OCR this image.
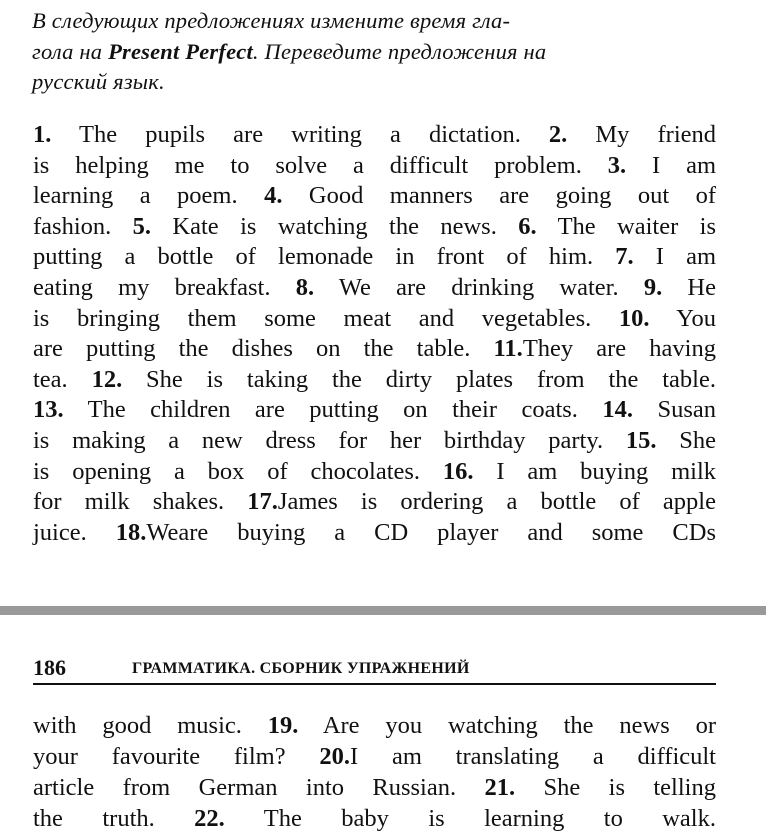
В следующих предложениях измените время гла-
гола на Present Perfect. Переведите предложения на
русский язык.
1. The pupils are writing a dictation. 2. My friend
is helping me to solve a difficult problem. 3. I am
learning a poem. 4. Good manners are going out of
fashion. 5. Kate is watching the news. 6. The waiter is
putting a bottle of lemonade in front of him. 7. I am
eating my breakfast. 8. We are drinking water. 9. He
is bringing them some meat and vegetables. 10. You
are putting the dishes on the table. 11.They are having
tea. 12. She is taking the dirty plates from the table.
13. The children are putting on their coats. 14. Susan
is making a new dress for her birthday party. 15. She
is opening a box of chocolates. 16. I am buying milk
for milk shakes. 17.James is ordering a bottle of apple
juice. 18.Weare buying a CD player and some CDs
186	ГРАММАТИКА. СБОРНИК УПРАЖНЕНИЙ
with good music. 19. Are you watching the news or
your favourite film? 20.I am translating a difficult
article from German into Russian. 21. She is telling
the truth. 22. The baby is learning to walk.
